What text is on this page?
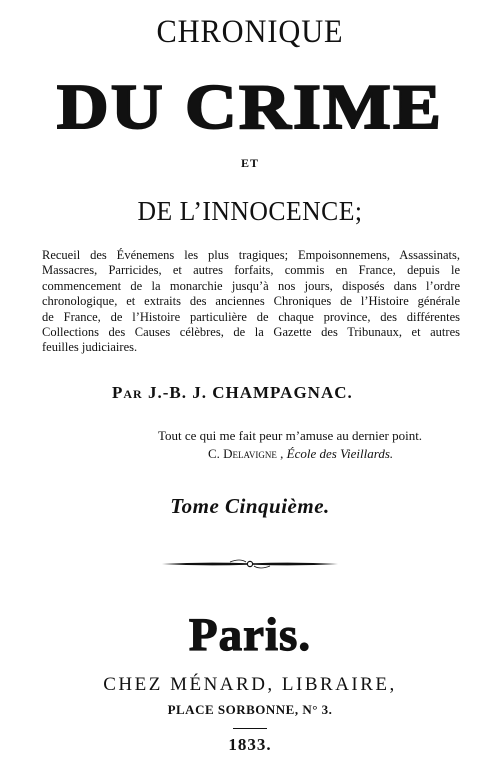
CHRONIQUE
DU CRIME
ET
DE L’INNOCENCE;
Recueil des Événemens les plus tragiques; Empoisonnemens, Assassinats,
Massacres, Parricides, et autres forfaits, commis en France, depuis le
commencement de la monarchie jusqu’à nos jours, disposés dans l’ordre
chronologique, et extraits des anciennes Chroniques de l’Histoire générale
de France, de l’Histoire particulière de chaque province, des différentes
Collections des Causes célèbres, de la Gazette des Tribunaux, et autres
feuilles judiciaires.
Par J.-B. J. CHAMPAGNAC.
Tout ce qui me fait peur m’amuse au dernier point.
C. Delavigne , École des Vieillards.
Tome Cinquième.
Paris.
CHEZ MÉNARD, LIBRAIRE,
PLACE SORBONNE, N° 3.
1833.
